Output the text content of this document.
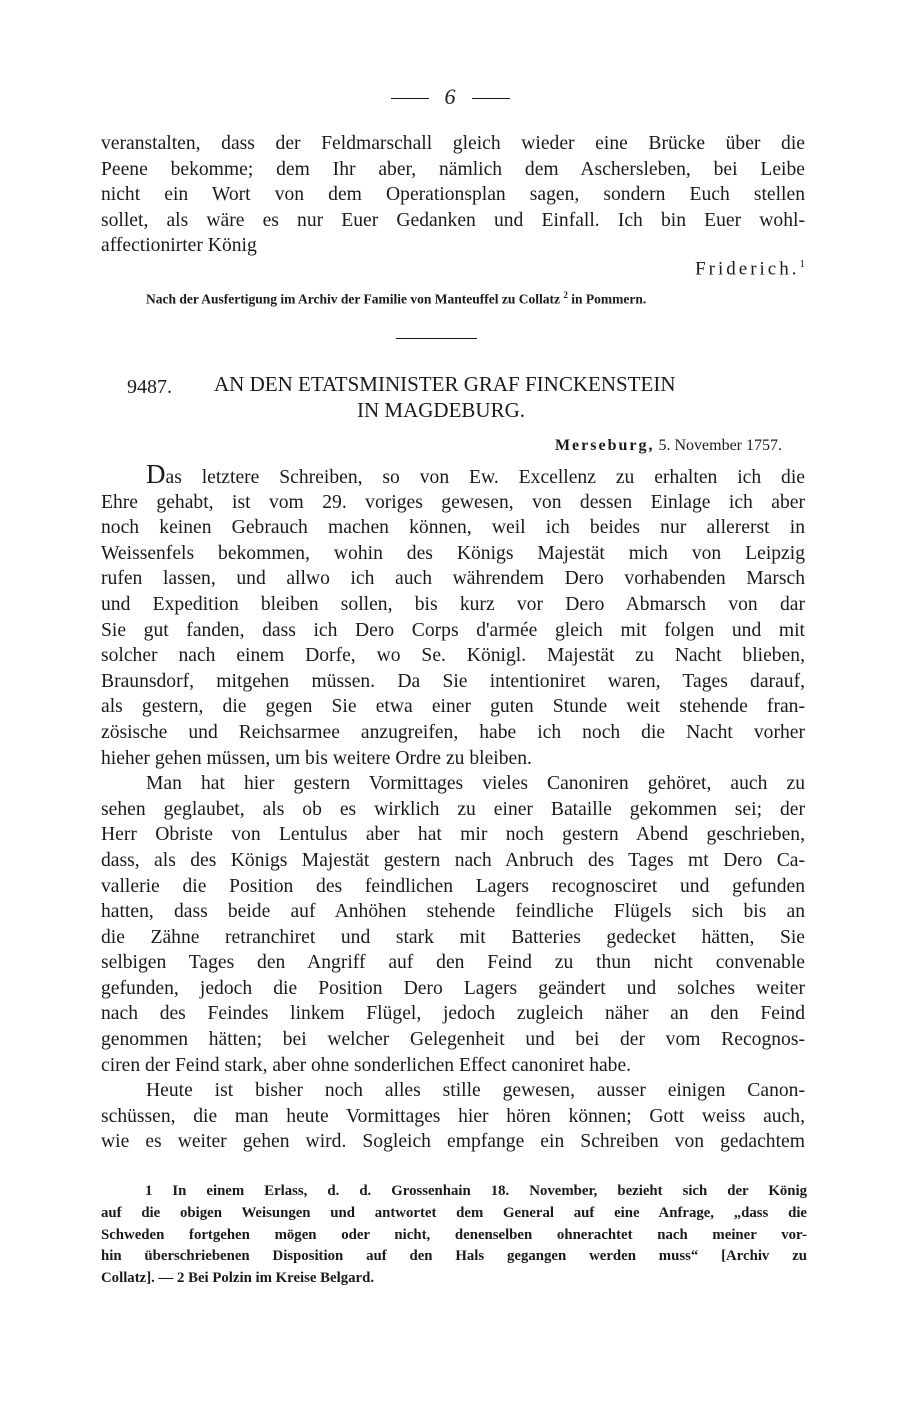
6
veranstalten, dass der Feldmarschall gleich wieder eine Brücke über die
Peene bekomme; dem Ihr aber, nämlich dem Aschersleben, bei Leibe
nicht ein Wort von dem Operationsplan sagen, sondern Euch stellen
sollet, als wäre es nur Euer Gedanken und Einfall. Ich bin Euer wohl-
affectionirter König
Friderich.$^1$
Nach der Ausfertigung im Archiv der Familie von Manteuffel zu Collatz $^2$ in Pommern.
9487. AN DEN ETATSMINISTER GRAF FINCKENSTEIN
IN MAGDEBURG.
Merseburg, 5. November 1757.
Das letztere Schreiben, so von Ew. Excellenz zu erhalten ich die
Ehre gehabt, ist vom 29. voriges gewesen, von dessen Einlage ich aber
noch keinen Gebrauch machen können, weil ich beides nur allererst in
Weissenfels bekommen, wohin des Königs Majestät mich von Leipzig
rufen lassen, und allwo ich auch währendem Dero vorhabenden Marsch
und Expedition bleiben sollen, bis kurz vor Dero Abmarsch von dar
Sie gut fanden, dass ich Dero Corps d'armée gleich mit folgen und mit
solcher nach einem Dorfe, wo Se. Königl. Majestät zu Nacht blieben,
Braunsdorf, mitgehen müssen. Da Sie intentioniret waren, Tages darauf,
als gestern, die gegen Sie etwa einer guten Stunde weit stehende fran-
zösische und Reichsarmee anzugreifen, habe ich noch die Nacht vorher
hieher gehen müssen, um bis weitere Ordre zu bleiben.
Man hat hier gestern Vormittages vieles Canoniren gehöret, auch zu
sehen geglaubet, als ob es wirklich zu einer Bataille gekommen sei; der
Herr Obriste von Lentulus aber hat mir noch gestern Abend geschrieben,
dass, als des Königs Majestät gestern nach Anbruch des Tages mt Dero Ca-
vallerie die Position des feindlichen Lagers recognosciret und gefunden
hatten, dass beide auf Anhöhen stehende feindliche Flügels sich bis an
die Zähne retranchiret und stark mit Batteries gedecket hätten, Sie
selbigen Tages den Angriff auf den Feind zu thun nicht convenable
gefunden, jedoch die Position Dero Lagers geändert und solches weiter
nach des Feindes linkem Flügel, jedoch zugleich näher an den Feind
genommen hätten; bei welcher Gelegenheit und bei der vom Recognos-
ciren der Feind stark, aber ohne sonderlichen Effect canoniret habe.
Heute ist bisher noch alles stille gewesen, ausser einigen Canon-
schüssen, die man heute Vormittages hier hören können; Gott weiss auch,
wie es weiter gehen wird. Sogleich empfange ein Schreiben von gedachtem
1 In einem Erlass, d. d. Grossenhain 18. November, bezieht sich der König
auf die obigen Weisungen und antwortet dem General auf eine Anfrage, „dass die
Schweden fortgehen mögen oder nicht, denenselben ohnerachtet nach meiner vor-
hin überschriebenen Disposition auf den Hals gegangen werden muss“ [Archiv zu
Collatz]. — 2 Bei Polzin im Kreise Belgard.
